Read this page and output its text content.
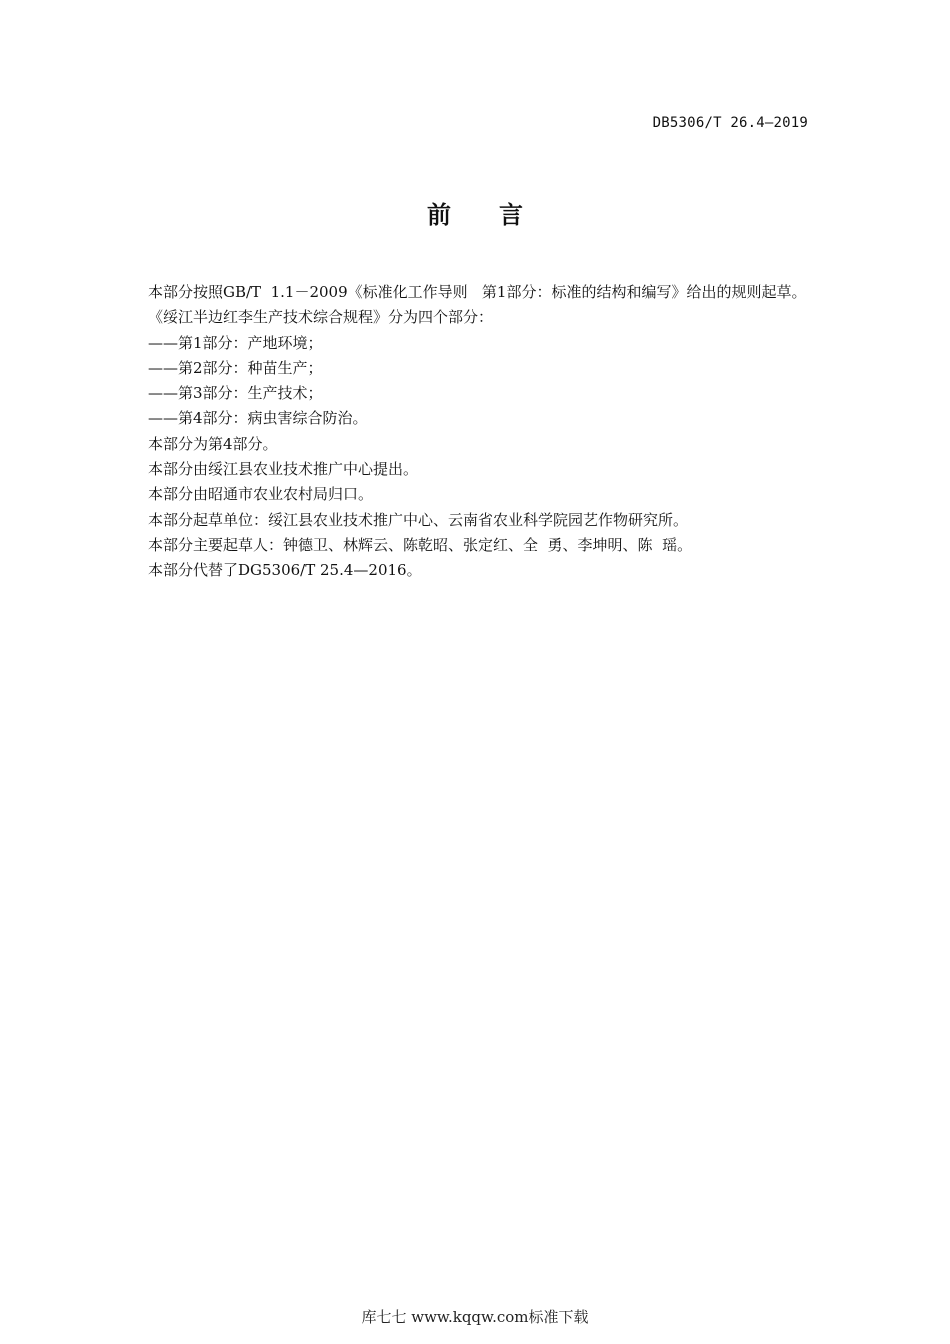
DB5306/T 26.4—2019
前言
本部分按照GB/T  1.1－2009《标准化工作导则   第1部分：标准的结构和编写》给出的规则起草。
《绥江半边红李生产技术综合规程》分为四个部分：
——第1部分：产地环境；
——第2部分：种苗生产；
——第3部分：生产技术；
——第4部分：病虫害综合防治。
本部分为第4部分。
本部分由绥江县农业技术推广中心提出。
本部分由昭通市农业农村局归口。
本部分起草单位：绥江县农业技术推广中心、云南省农业科学院园艺作物研究所。
本部分主要起草人：钟德卫、林辉云、陈乾昭、张定红、全  勇、李坤明、陈  瑶。
本部分代替了DG5306/T 25.4—2016。
库七七 www.kqqw.com标准下载
